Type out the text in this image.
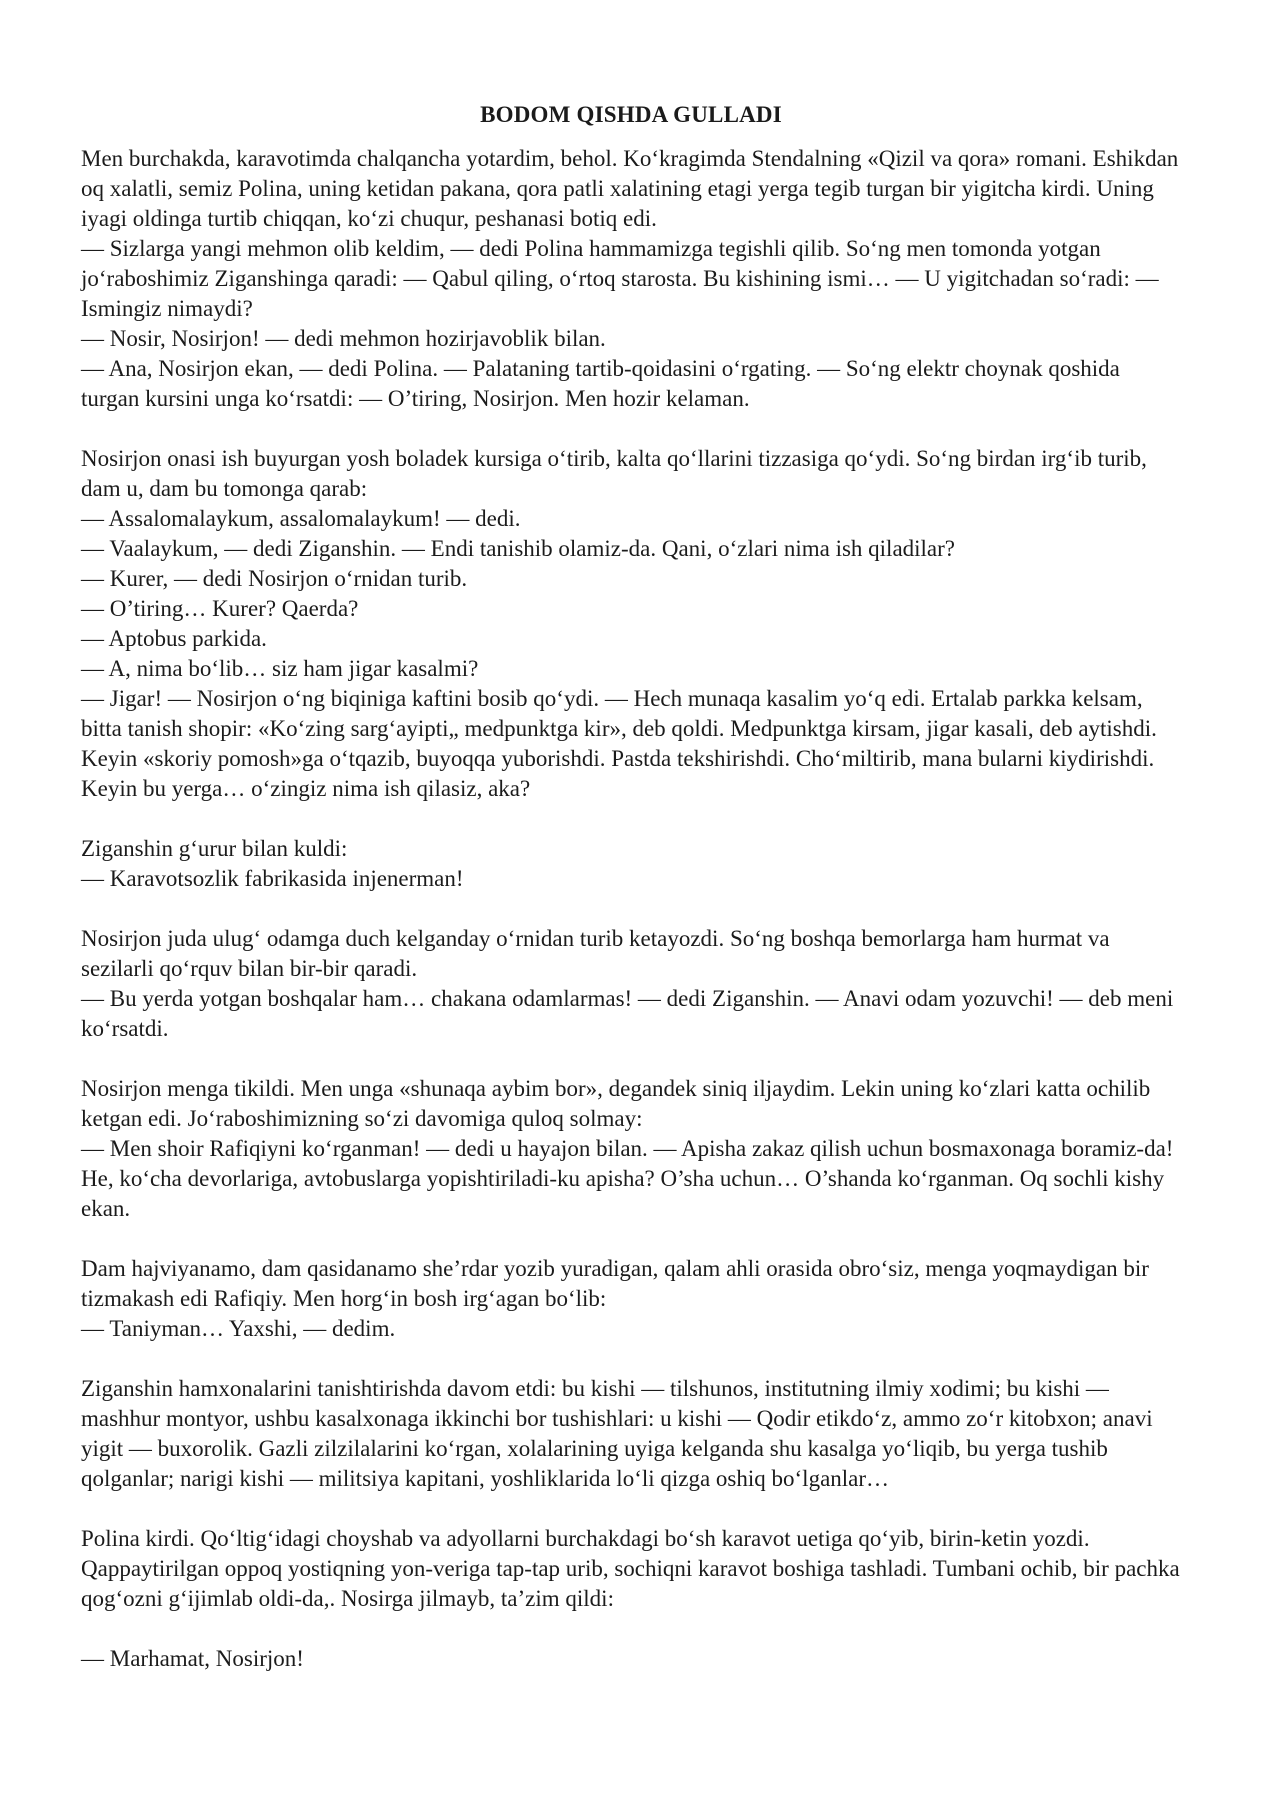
BODOM QISHDA GULLADI

Men burchakda, karavotimda chalqancha yotardim, behol. Koʻkragimda Stendalning «Qizil va qora» romani. Eshikdan oq xalatli, semiz Polina, uning ketidan pakana, qora patli xalatining etagi yerga tegib turgan bir yigitcha kirdi. Uning iyagi oldinga turtib chiqqan, koʻzi chuqur, peshanasi botiq edi.

— Sizlarga yangi mehmon olib keldim, — dedi Polina hammamizga tegishli qilib. Soʻng men tomonda yotgan joʻraboshimiz Ziganshinga qaradi: — Qabul qiling, oʻrtoq starosta. Bu kishining ismi… — U yigitchadan soʻradi: — Ismingiz nimaydi?

— Nosir, Nosirjon! — dedi mehmon hozirjavoblik bilan.

— Ana, Nosirjon ekan, — dedi Polina. — Palataning tartib-qoidasini oʻrgating. — Soʻng elektr choynak qoshida turgan kursini unga koʻrsatdi: — O’tiring, Nosirjon. Men hozir kelaman.

Nosirjon onasi ish buyurgan yosh boladek kursiga oʻtirib, kalta qoʻllarini tizzasiga qoʻydi. Soʻng birdan irgʻib turib, dam u, dam bu tomonga qarab:

— Assalomalaykum, assalomalaykum! — dedi.

— Vaalaykum, — dedi Ziganshin. — Endi tanishib olamiz-da. Qani, oʻzlari nima ish qiladilar?

— Kurer, — dedi Nosirjon oʻrnidan turib.

— O’tiring… Kurer? Qaerda?

— Aptobus parkida.

— A, nima boʻlib… siz ham jigar kasalmi?

— Jigar! — Nosirjon oʻng biqiniga kaftini bosib qoʻydi. — Hech munaqa kasalim yoʻq edi. Ertalab parkka kelsam, bitta tanish shopir: «Koʻzing sargʻayipti„ medpunktga kir», deb qoldi. Medpunktga kirsam, jigar kasali, deb aytishdi. Keyin «skoriy pomosh»ga oʻtqazib, buyoqqa yuborishdi. Pastda tekshirishdi. Choʻmiltirib, mana bularni kiydirishdi. Keyin bu yerga… oʻzingiz nima ish qilasiz, aka?

Ziganshin gʻurur bilan kuldi:

— Karavotsozlik fabrikasida injenerman!

Nosirjon juda ulugʻ odamga duch kelganday oʻrnidan turib ketayozdi. Soʻng boshqa bemorlarga ham hurmat va sezilarli qoʻrquv bilan bir-bir qaradi.

— Bu yerda yotgan boshqalar ham… chakana odamlarmas! — dedi Ziganshin. — Anavi odam yozuvchi! — deb meni koʻrsatdi.

Nosirjon menga tikildi. Men unga «shunaqa aybim bor», degandek siniq iljaydim. Lekin uning koʻzlari katta ochilib ketgan edi. Joʻraboshimizning soʻzi davomiga quloq solmay:

— Men shoir Rafiqiyni koʻrganman! — dedi u hayajon bilan. — Apisha zakaz qilish uchun bosmaxonaga boramiz-da! He, koʻcha devorlariga, avtobuslarga yopishtiriladi-ku apisha? O’sha uchun… O’shanda koʻrganman. Oq sochli kishy ekan.

Dam hajviyanamo, dam qasidanamo she’rdar yozib yuradigan, qalam ahli orasida obroʻsiz, menga yoqmaydigan bir tizmakash edi Rafiqiy. Men horgʻin bosh irgʻagan boʻlib:

— Taniyman… Yaxshi, — dedim.

Ziganshin hamxonalarini tanishtirishda davom etdi: bu kishi — tilshunos, institutning ilmiy xodimi; bu kishi — mashhur montyor, ushbu kasalxonaga ikkinchi bor tushishlari: u kishi — Qodir etikdoʻz, ammo zoʻr kitobxon; anavi yigit — buxorolik. Gazli zilzilalarini koʻrgan, xolalarining uyiga kelganda shu kasalga yoʻliqib, bu yerga tushib qolganlar; narigi kishi — militsiya kapitani, yoshliklarida loʻli qizga oshiq boʻlganlar…

Polina kirdi. Qoʻltigʻidagi choyshab va adyollarni burchakdagi boʻsh karavot uetiga qoʻyib, birin-ketin yozdi. Qappaytirilgan oppoq yostiqning yon-veriga tap-tap urib, sochiqni karavot boshiga tashladi. Tumbani ochib, bir pachka qogʻozni gʻijimlab oldi-da,. Nosirga jilmayb, ta’zim qildi:

— Marhamat, Nosirjon!
